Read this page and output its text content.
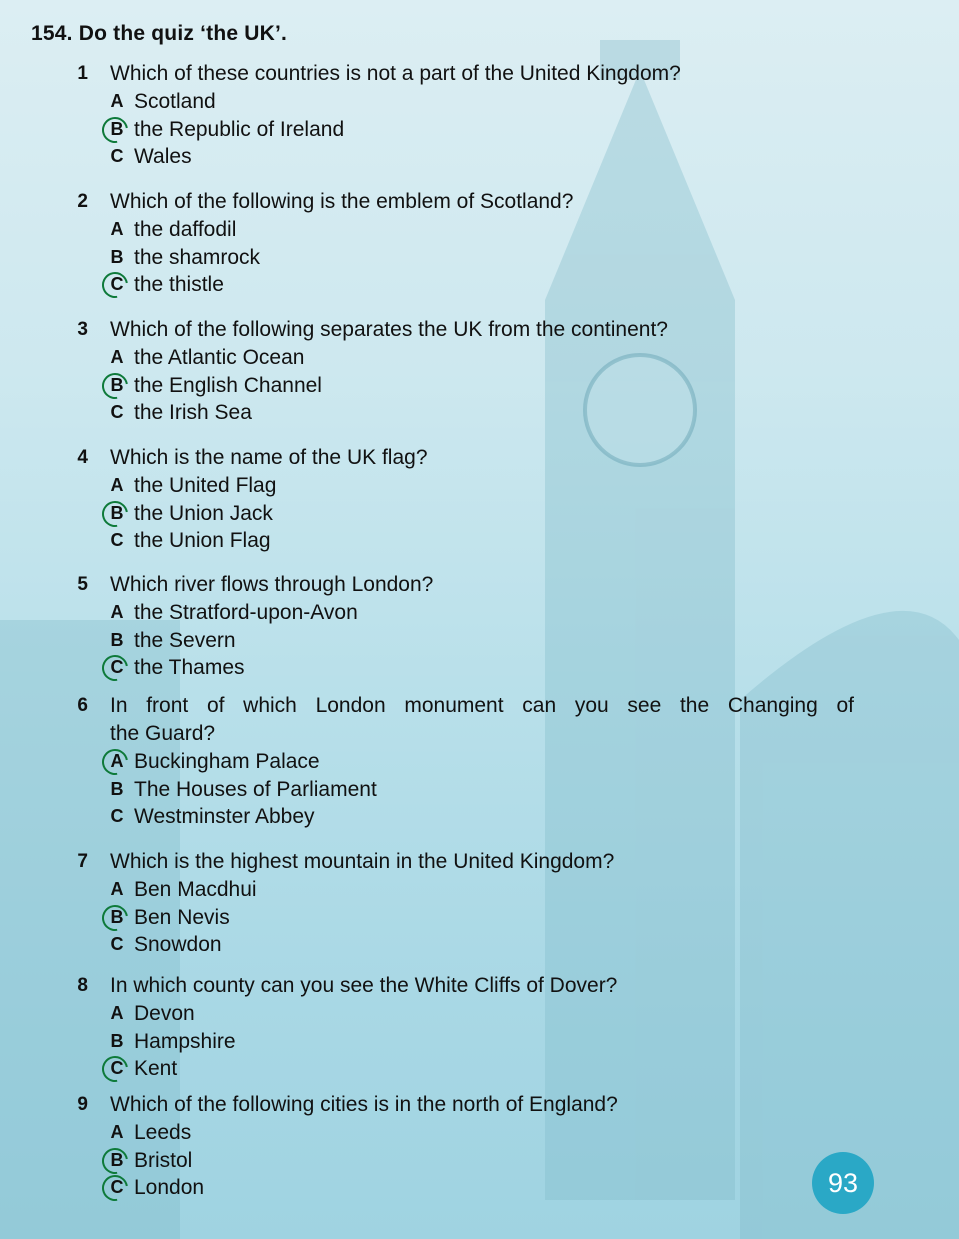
154. Do the quiz ‘the UK’.
1 Which of these countries is not a part of the United Kingdom?
A Scotland
B the Republic of Ireland
C Wales
2 Which of the following is the emblem of Scotland?
A the daffodil
B the shamrock
C the thistle
3 Which of the following separates the UK from the continent?
A the Atlantic Ocean
B the English Channel
C the Irish Sea
4 Which is the name of the UK flag?
A the United Flag
B the Union Jack
C the Union Flag
5 Which river flows through London?
A the Stratford-upon-Avon
B the Severn
C the Thames
6 In front of which London monument can you see the Changing of
the Guard?
A Buckingham Palace
B The Houses of Parliament
C Westminster Abbey
7 Which is the highest mountain in the United Kingdom?
A Ben Macdhui
B Ben Nevis
C Snowdon
8 In which county can you see the White Cliffs of Dover?
A Devon
B Hampshire
C Kent
9 Which of the following cities is in the north of England?
A Leeds
B Bristol
C London	93
